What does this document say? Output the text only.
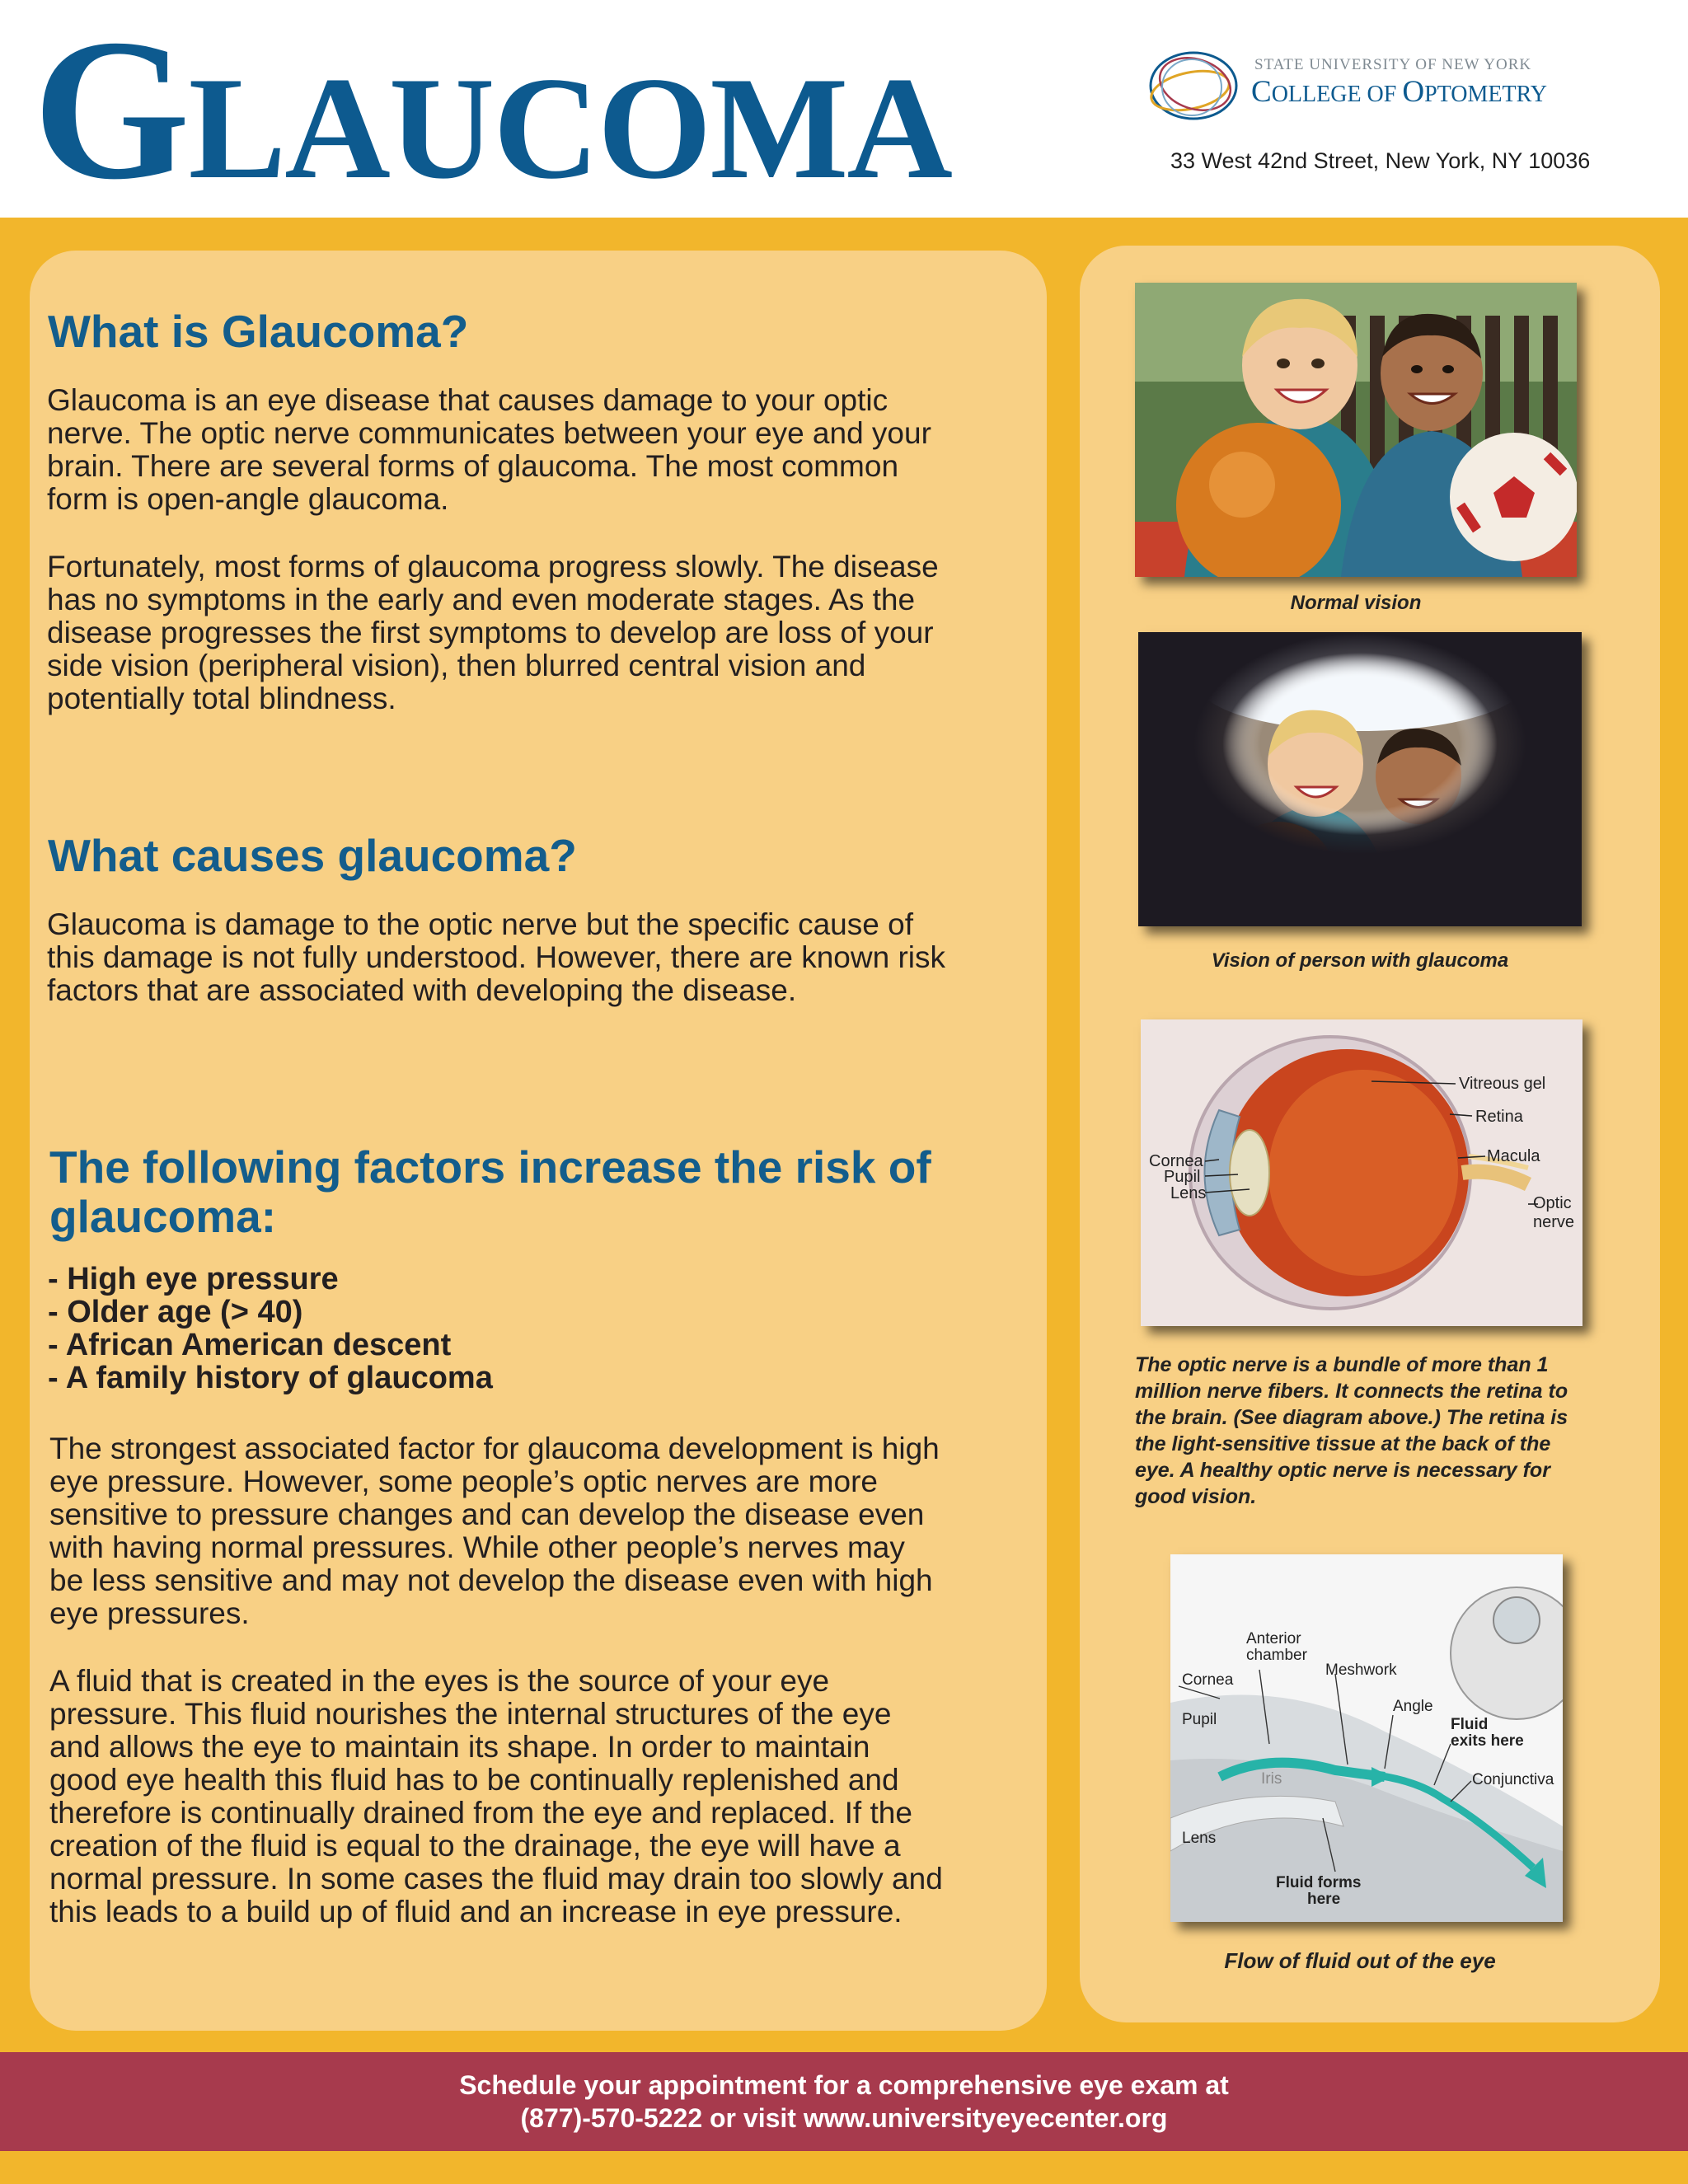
GLAUCOMA	STATE UNIVERSITY OF NEW YORK
COLLEGE OF OPTOMETRY
33 West 42nd Street, New York, NY 10036
What is Glaucoma?

Glaucoma is an eye disease that causes damage to your optic
nerve. The optic nerve communicates between your eye and your
brain. There are several forms of glaucoma. The most common
form is open-angle glaucoma.

Fortunately, most forms of glaucoma progress slowly. The disease
has no symptoms in the early and even moderate stages. As the
disease progresses the first symptoms to develop are loss of your
side vision (peripheral vision), then blurred central vision and
potentially total blindness.

What causes glaucoma?

Glaucoma is damage to the optic nerve but the specific cause of
this damage is not fully understood. However, there are known risk
factors that are associated with developing the disease.

The following factors increase the risk of
glaucoma:
- High eye pressure
- Older age (> 40)
- African American descent
- A family history of glaucoma

The strongest associated factor for glaucoma development is high
eye pressure. However, some people’s optic nerves are more
sensitive to pressure changes and can develop the disease even
with having normal pressures. While other people’s nerves may
be less sensitive and may not develop the disease even with high
eye pressures.

A fluid that is created in the eyes is the source of your eye
pressure. This fluid nourishes the internal structures of the eye
and allows the eye to maintain its shape. In order to maintain
good eye health this fluid has to be continually replenished and
therefore is continually drained from the eye and replaced. If the
creation of the fluid is equal to the drainage, the eye will have a
normal pressure. In some cases the fluid may drain too slowly and
this leads to a build up of fluid and an increase in eye pressure.

Normal vision
Vision of person with glaucoma
Vitreous gel
Retina
Macula
Optic
nerve
Cornea
Pupil
Lens

The optic nerve is a bundle of more than 1
million nerve fibers. It connects the retina to
the brain. (See diagram above.) The retina is
the light-sensitive tissue at the back of the
eye. A healthy optic nerve is necessary for
good vision.

Anterior
chamber
Meshwork
Cornea
Angle
Pupil	Fluid
exits here
Iris	Conjunctiva
Lens
Fluid forms
here
Flow of fluid out of the eye
Schedule your appointment for a comprehensive eye exam at
(877)-570-5222 or visit www.universityeyecenter.org
